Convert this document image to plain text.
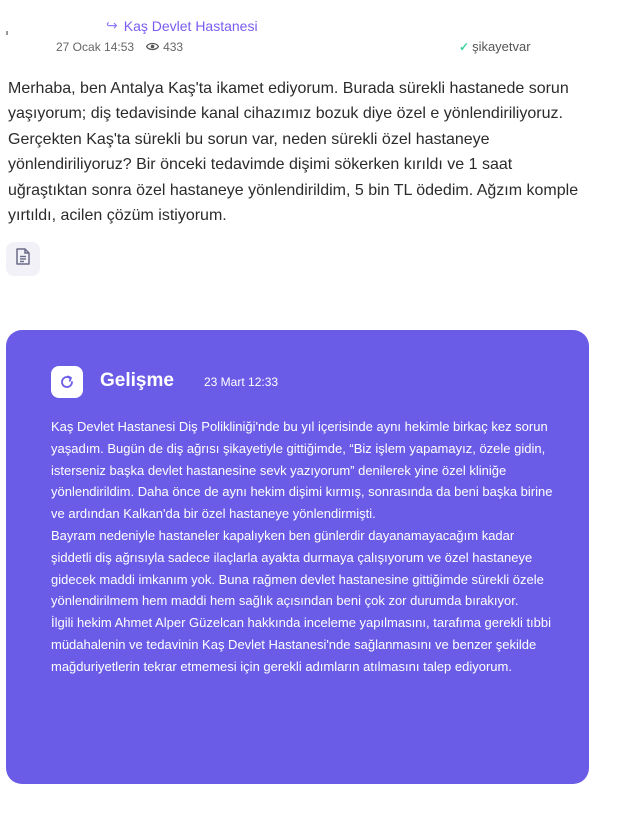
↪ Kaş Devlet Hastanesi
27 Ocak 14:53 433	✓ şikayetvar

Merhaba, ben Antalya Kaş'ta ikamet ediyorum. Burada sürekli hastanede sorun yaşıyorum; diş tedavisinde kanal cihazımız bozuk diye özel e yönlendiriliyoruz. Gerçekten Kaş'ta sürekli bu sorun var, neden sürekli özel hastaneye yönlendiriliyoruz? Bir önceki tedavimde dişimi sökerken kırıldı ve 1 saat uğraştıktan sonra özel hastaneye yönlendirildim, 5 bin TL ödedim. Ağzım komple yırtıldı, acilen çözüm istiyorum.

Gelişme	23 Mart 12:33

Kaş Devlet Hastanesi Diş Polikliniği'nde bu yıl içerisinde aynı hekimle birkaç kez sorun yaşadım. Bugün de diş ağrısı şikayetiyle gittiğimde, “Biz işlem yapamayız, özele gidin, isterseniz başka devlet hastanesine sevk yazıyorum” denilerek yine özel kliniğe yönlendirildim. Daha önce de aynı hekim dişimi kırmış, sonrasında da beni başka birine ve ardından Kalkan'da bir özel hastaneye yönlendirmişti.

Bayram nedeniyle hastaneler kapalıyken ben günlerdir dayanamayacağım kadar şiddetli diş ağrısıyla sadece ilaçlarla ayakta durmaya çalışıyorum ve özel hastaneye gidecek maddi imkanım yok. Buna rağmen devlet hastanesine gittiğimde sürekli özele yönlendirilmem hem maddi hem sağlık açısından beni çok zor durumda bırakıyor.

İlgili hekim Ahmet Alper Güzelcan hakkında inceleme yapılmasını, tarafıma gerekli tıbbi müdahalenin ve tedavinin Kaş Devlet Hastanesi'nde sağlanmasını ve benzer şekilde mağduriyetlerin tekrar etmemesi için gerekli adımların atılmasını talep ediyorum.
